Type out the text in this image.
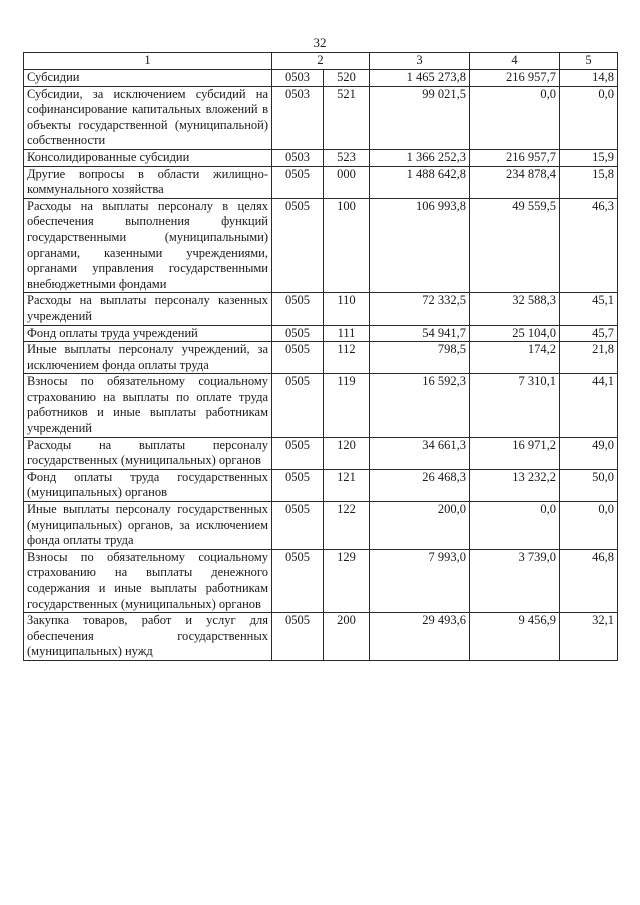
32
1	2		3	4	5
Субсидии	0503	520	1 465 273,8	216 957,7	14,8
Субсидии, за исключением субсидий на софинансирование капитальных вложений в объекты государственной (муниципальной) собственности	0503	521	99 021,5	0,0	0,0
Консолидированные субсидии	0503	523	1 366 252,3	216 957,7	15,9
Другие вопросы в области жилищно-коммунального хозяйства	0505	000	1 488 642,8	234 878,4	15,8
Расходы на выплаты персоналу в целях обеспечения выполнения функций государственными (муниципальными) органами, казенными учреждениями, органами управления государственными внебюджетными фондами	0505	100	106 993,8	49 559,5	46,3
Расходы на выплаты персоналу казенных учреждений	0505	110	72 332,5	32 588,3	45,1
Фонд оплаты труда учреждений	0505	111	54 941,7	25 104,0	45,7
Иные выплаты персоналу учреждений, за исключением фонда оплаты труда	0505	112	798,5	174,2	21,8
Взносы по обязательному социальному страхованию на выплаты по оплате труда работников и иные выплаты работникам учреждений	0505	119	16 592,3	7 310,1	44,1
Расходы на выплаты персоналу государственных (муниципальных) органов	0505	120	34 661,3	16 971,2	49,0
Фонд оплаты труда государственных (муниципальных) органов	0505	121	26 468,3	13 232,2	50,0
Иные выплаты персоналу государственных (муниципальных) органов, за исключением фонда оплаты труда	0505	122	200,0	0,0	0,0
Взносы по обязательному социальному страхованию на выплаты денежного содержания и иные выплаты работникам государственных (муниципальных) органов	0505	129	7 993,0	3 739,0	46,8
Закупка товаров, работ и услуг для обеспечения государственных (муниципальных) нужд	0505	200	29 493,6	9 456,9	32,1
